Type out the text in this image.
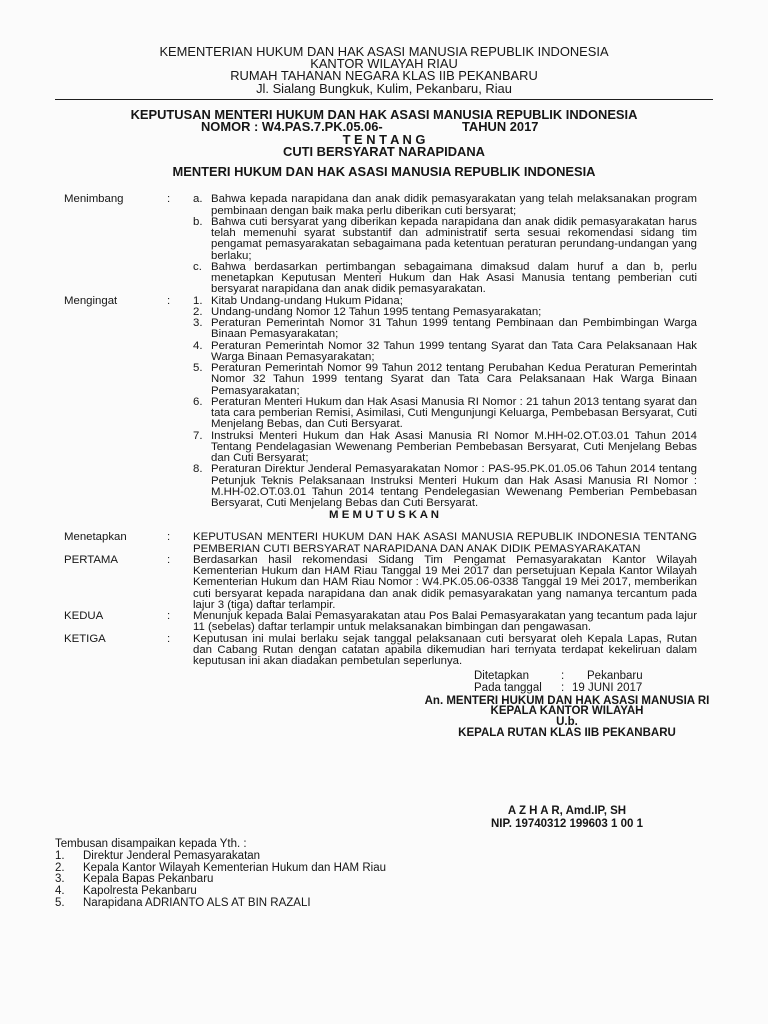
KEMENTERIAN HUKUM DAN HAK ASASI MANUSIA REPUBLIK INDONESIA
KANTOR WILAYAH RIAU
RUMAH TAHANAN NEGARA KLAS IIB PEKANBARU
Jl. Sialang Bungkuk, Kulim, Pekanbaru, Riau
KEPUTUSAN MENTERI HUKUM DAN HAK ASASI MANUSIA REPUBLIK INDONESIA
NOMOR : W4.PAS.7.PK.05.06-	TAHUN 2017
T E N T A N G
CUTI BERSYARAT NARAPIDANA
MENTERI HUKUM DAN HAK ASASI MANUSIA REPUBLIK INDONESIA
Menimbang	:	a. Bahwa kepada narapidana dan anak didik pemasyarakatan yang telah melaksanakan program pembinaan dengan baik maka perlu diberikan cuti bersyarat;
b. Bahwa cuti bersyarat yang diberikan kepada narapidana dan anak didik pemasyarakatan harus telah memenuhi syarat substantif dan administratif serta sesuai rekomendasi sidang tim pengamat pemasyarakatan sebagaimana pada ketentuan peraturan perundang-undangan yang berlaku;
c. Bahwa berdasarkan pertimbangan sebagaimana dimaksud dalam huruf a dan b, perlu menetapkan Keputusan Menteri Hukum dan Hak Asasi Manusia tentang pemberian cuti bersyarat narapidana dan anak didik pemasyarakatan.
Mengingat	:	1. Kitab Undang-undang Hukum Pidana;
2. Undang-undang Nomor 12 Tahun 1995 tentang Pemasyarakatan;
3. Peraturan Pemerintah Nomor 31 Tahun 1999 tentang Pembinaan dan Pembimbingan Warga Binaan Pemasyarakatan;
4. Peraturan Pemerintah Nomor 32 Tahun 1999 tentang Syarat dan Tata Cara Pelaksanaan Hak Warga Binaan Pemasyarakatan;
5. Peraturan Pemerintah Nomor 99 Tahun 2012 tentang Perubahan Kedua Peraturan Pemerintah Nomor 32 Tahun 1999 tentang Syarat dan Tata Cara Pelaksanaan Hak Warga Binaan Pemasyarakatan;
6. Peraturan Menteri Hukum dan Hak Asasi Manusia RI Nomor : 21 tahun 2013 tentang syarat dan tata cara pemberian Remisi, Asimilasi, Cuti Mengunjungi Keluarga, Pembebasan Bersyarat, Cuti Menjelang Bebas, dan Cuti Bersyarat.
7. Instruksi Menteri Hukum dan Hak Asasi Manusia RI Nomor M.HH-02.OT.03.01 Tahun 2014 Tentang Pendelagasian Wewenang Pemberian Pembebasan Bersyarat, Cuti Menjelang Bebas dan Cuti Bersyarat;
8. Peraturan Direktur Jenderal Pemasyarakatan Nomor : PAS-95.PK.01.05.06 Tahun 2014 tentang Petunjuk Teknis Pelaksanaan Instruksi Menteri Hukum dan Hak Asasi Manusia RI Nomor : M.HH-02.OT.03.01 Tahun 2014 tentang Pendelegasian Wewenang Pemberian Pembebasan Bersyarat, Cuti Menjelang Bebas dan Cuti Bersyarat.
M E M U T U S K A N
Menetapkan	:	KEPUTUSAN MENTERI HUKUM DAN HAK ASASI MANUSIA REPUBLIK INDONESIA TENTANG PEMBERIAN CUTI BERSYARAT NARAPIDANA DAN ANAK DIDIK PEMASYARAKATAN
PERTAMA	:	Berdasarkan hasil rekomendasi Sidang Tim Pengamat Pemasyarakatan Kantor Wilayah Kementerian Hukum dan HAM Riau Tanggal 19 Mei 2017 dan persetujuan Kepala Kantor Wilayah Kementerian Hukum dan HAM Riau Nomor : W4.PK.05.06-0338 Tanggal 19 Mei 2017, memberikan cuti bersyarat kepada narapidana dan anak didik pemasyarakatan yang namanya tercantum pada lajur 3 (tiga) daftar terlampir.
KEDUA	:	Menunjuk kepada Balai Pemasyarakatan atau Pos Balai Pemasyarakatan yang tecantum pada lajur 11 (sebelas) daftar terlampir untuk melaksanakan bimbingan dan pengawasan.
KETIGA	:	Keputusan ini mulai berlaku sejak tanggal pelaksanaan cuti bersyarat oleh Kepala Lapas, Rutan dan Cabang Rutan dengan catatan apabila dikemudian hari ternyata terdapat kekeliruan dalam keputusan ini akan diadakan pembetulan seperlunya.
Ditetapkan	:	Pekanbaru
Pada tanggal	: 19 JUNI 2017
An. MENTERI HUKUM DAN HAK ASASI MANUSIA RI
KEPALA KANTOR WILAYAH
U.b.
KEPALA RUTAN KLAS IIB PEKANBARU
A Z H A R, Amd.IP, SH
NIP. 19740312 199603 1 00 1
Tembusan disampaikan kepada Yth. :
1.	Direktur Jenderal Pemasyarakatan
2.	Kepala Kantor Wilayah Kementerian Hukum dan HAM Riau
3.	Kepala Bapas Pekanbaru
4.	Kapolresta Pekanbaru
5.	Narapidana ADRIANTO ALS AT BIN RAZALI
